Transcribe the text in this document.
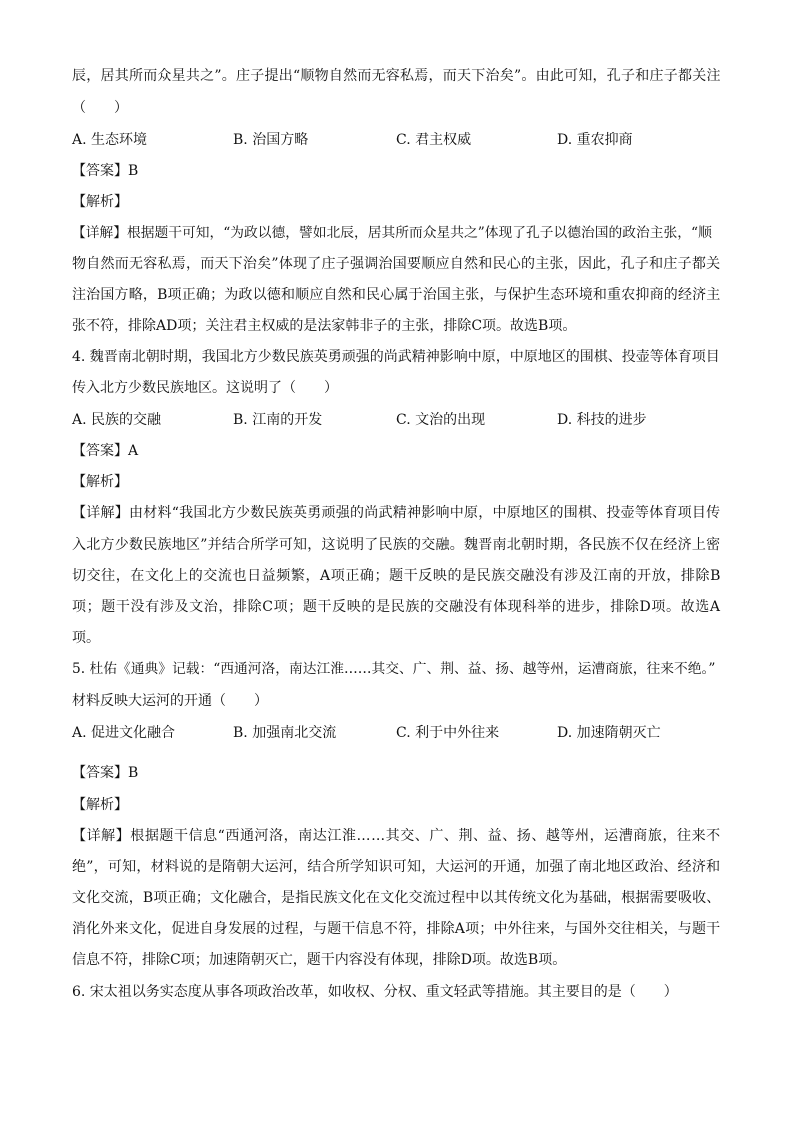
辰，居其所而众星共之”。庄子提出“顺物自然而无容私焉，而天下治矣”。由此可知，孔子和庄子都关注
（　　）
A. 生态环境	B. 治国方略	C. 君主权威	D. 重农抑商
【答案】B
【解析】
【详解】根据题干可知，“为政以德，譬如北辰，居其所而众星共之”体现了孔子以德治国的政治主张，“顺
物自然而无容私焉，而天下治矣”体现了庄子强调治国要顺应自然和民心的主张，因此，孔子和庄子都关
注治国方略，B项正确；为政以德和顺应自然和民心属于治国主张，与保护生态环境和重农抑商的经济主
张不符，排除AD项；关注君主权威的是法家韩非子的主张，排除C项。故选B项。
4. 魏晋南北朝时期，我国北方少数民族英勇顽强的尚武精神影响中原，中原地区的围棋、投壶等体育项目
传入北方少数民族地区。这说明了（　　）
A. 民族的交融	B. 江南的开发	C. 文治的出现	D. 科技的进步
【答案】A
【解析】
【详解】由材料“我国北方少数民族英勇顽强的尚武精神影响中原，中原地区的围棋、投壶等体育项目传
入北方少数民族地区”并结合所学可知，这说明了民族的交融。魏晋南北朝时期，各民族不仅在经济上密
切交往，在文化上的交流也日益频繁，A项正确；题干反映的是民族交融没有涉及江南的开放，排除B
项；题干没有涉及文治，排除C项；题干反映的是民族的交融没有体现科举的进步，排除D项。故选A
项。
5. 杜佑《通典》记载：“西通河洛，南达江淮……其交、广、荆、益、扬、越等州，运漕商旅，往来不绝。”
材料反映大运河的开通（　　）
A. 促进文化融合	B. 加强南北交流	C. 利于中外往来	D. 加速隋朝灭亡
【答案】B
【解析】
【详解】根据题干信息“西通河洛，南达江淮……其交、广、荆、益、扬、越等州，运漕商旅，往来不
绝”，可知，材料说的是隋朝大运河，结合所学知识可知，大运河的开通，加强了南北地区政治、经济和
文化交流，B项正确；文化融合，是指民族文化在文化交流过程中以其传统文化为基础，根据需要吸收、
消化外来文化，促进自身发展的过程，与题干信息不符，排除A项；中外往来，与国外交往相关，与题干
信息不符，排除C项；加速隋朝灭亡，题干内容没有体现，排除D项。故选B项。
6. 宋太祖以务实态度从事各项政治改革，如收权、分权、重文轻武等措施。其主要目的是（　　）
